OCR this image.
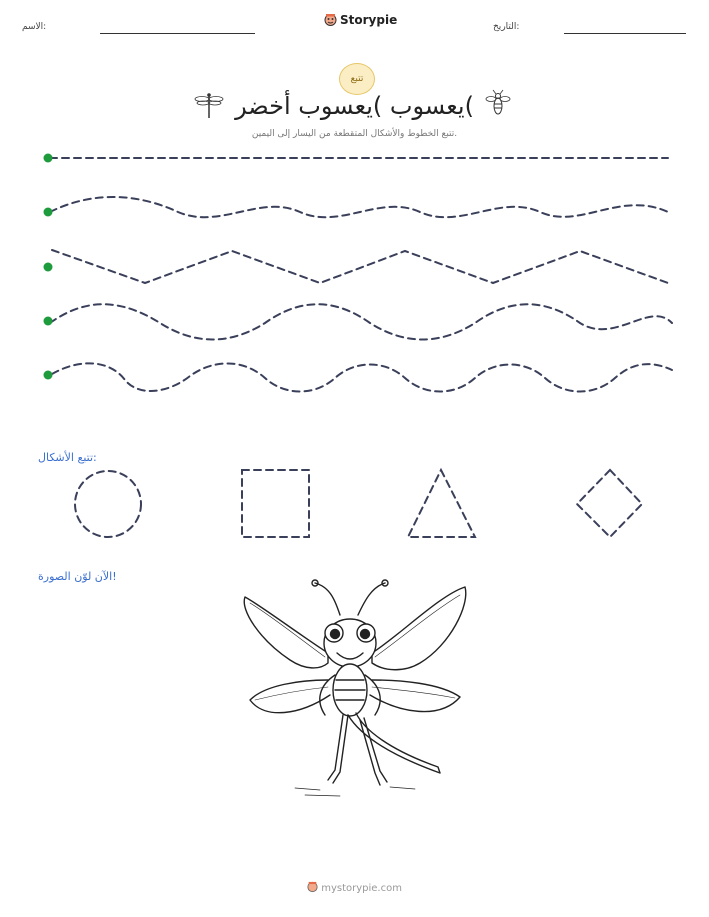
الاسم:	Storypie	التاريخ:
تتبع
يعسوب )يعسوب أخضر(
تتبع الخطوط والأشكال المتقطعة من اليسار إلى اليمين.
تتبع الأشكال:
الآن لوّن الصورة!
mystorypie.com
